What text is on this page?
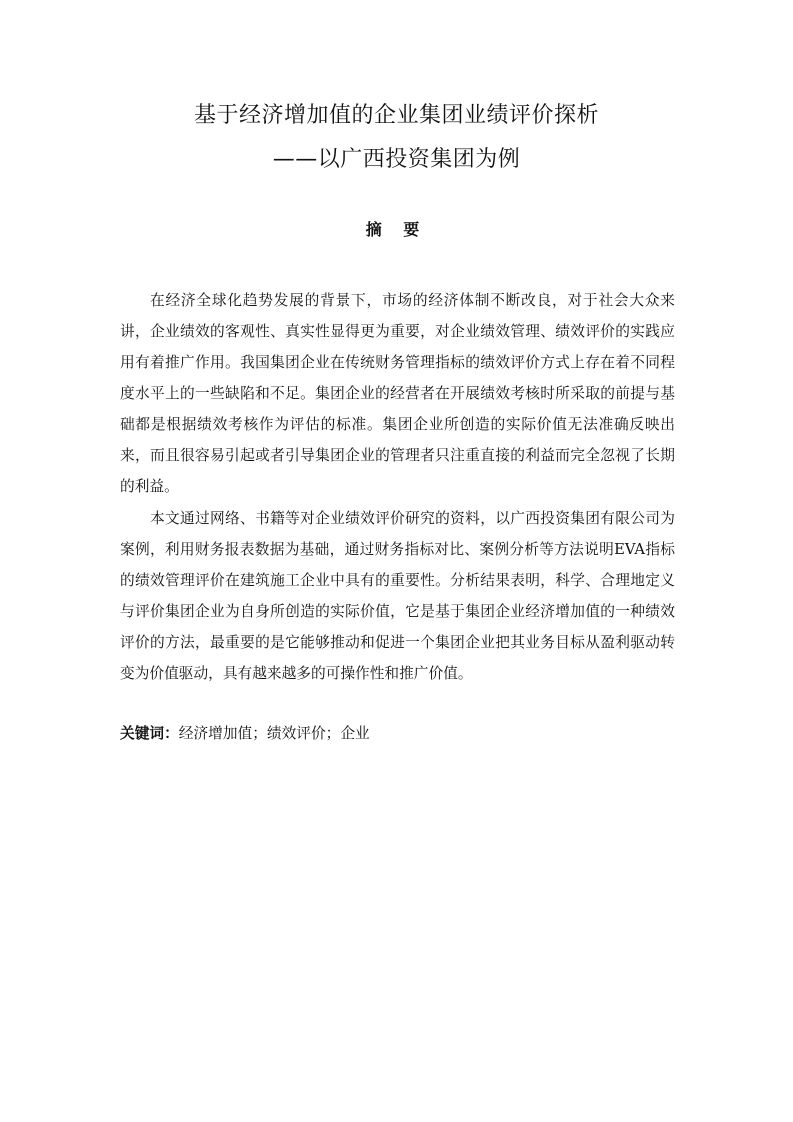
基于经济增加值的企业集团业绩评价探析
——以广西投资集团为例
摘 要

在经济全球化趋势发展的背景下，市场的经济体制不断改良，对于社会大众来讲，企业绩效的客观性、真实性显得更为重要，对企业绩效管理、绩效评价的实践应用有着推广作用。我国集团企业在传统财务管理指标的绩效评价方式上存在着不同程度水平上的一些缺陷和不足。集团企业的经营者在开展绩效考核时所采取的前提与基础都是根据绩效考核作为评估的标准。集团企业所创造的实际价值无法准确反映出来，而且很容易引起或者引导集团企业的管理者只注重直接的利益而完全忽视了长期的利益。

本文通过网络、书籍等对企业绩效评价研究的资料，以广西投资集团有限公司为案例，利用财务报表数据为基础，通过财务指标对比、案例分析等方法说明EVA指标的绩效管理评价在建筑施工企业中具有的重要性。分析结果表明，科学、合理地定义与评价集团企业为自身所创造的实际价值，它是基于集团企业经济增加值的一种绩效评价的方法，最重要的是它能够推动和促进一个集团企业把其业务目标从盈利驱动转变为价值驱动，具有越来越多的可操作性和推广价值。

关键词：经济增加值；绩效评价；企业
